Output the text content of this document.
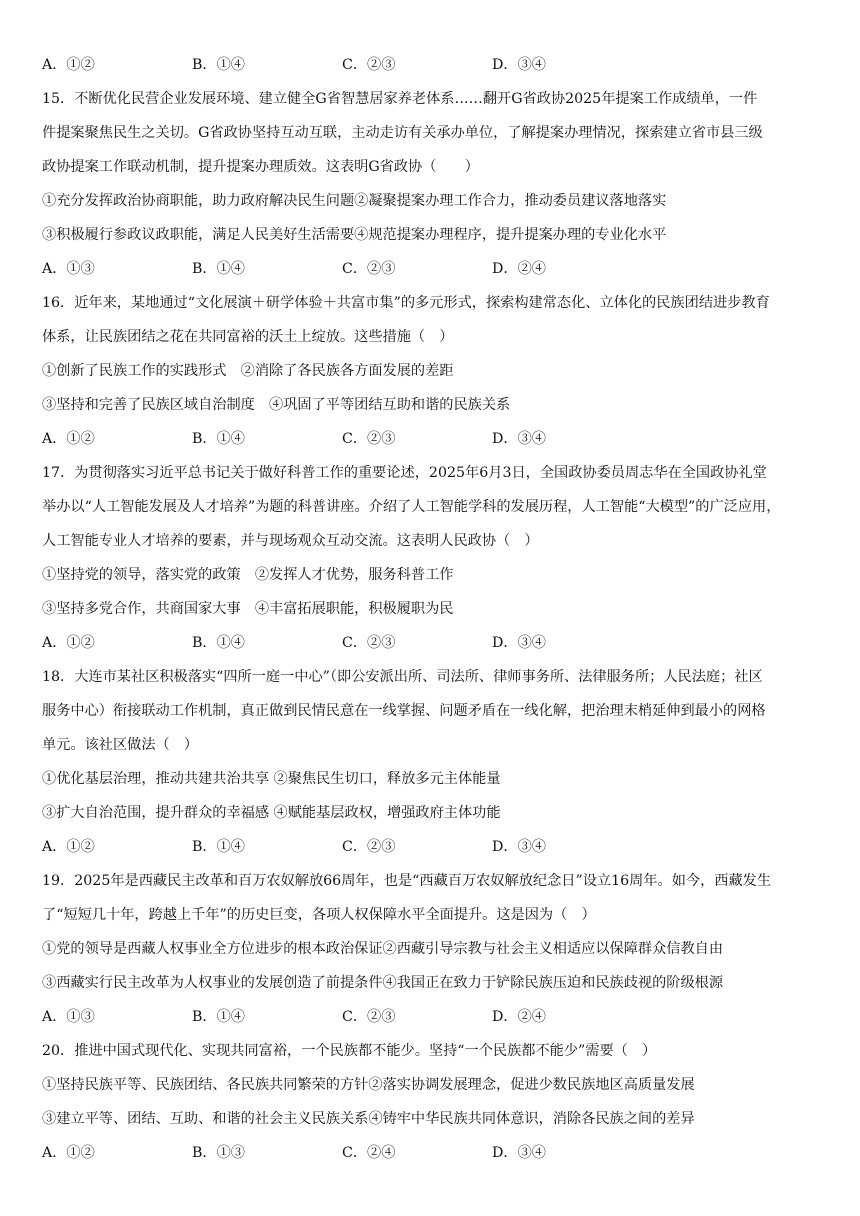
A．①②	B．①④	C．②③	D．③④
15．不断优化民营企业发展环境、建立健全G省智慧居家养老体系……翻开G省政协2025年提案工作成绩单，一件
件提案聚焦民生之关切。G省政协坚持互动互联，主动走访有关承办单位，了解提案办理情况，探索建立省市县三级
政协提案工作联动机制，提升提案办理质效。这表明G省政协（　　）
①充分发挥政治协商职能，助力政府解决民生问题②凝聚提案办理工作合力，推动委员建议落地落实
③积极履行参政议政职能，满足人民美好生活需要④规范提案办理程序，提升提案办理的专业化水平
A．①③	B．①④	C．②③	D．②④
16．近年来，某地通过“文化展演＋研学体验＋共富市集”的多元形式，探索构建常态化、立体化的民族团结进步教育
体系，让民族团结之花在共同富裕的沃土上绽放。这些措施（　）
①创新了民族工作的实践形式　②消除了各民族各方面发展的差距
③坚持和完善了民族区域自治制度　④巩固了平等团结互助和谐的民族关系
A．①②	B．①④	C．②③	D．③④
17．为贯彻落实习近平总书记关于做好科普工作的重要论述，2025年6月3日，全国政协委员周志华在全国政协礼堂
举办以“人工智能发展及人才培养”为题的科普讲座。介绍了人工智能学科的发展历程，人工智能“大模型”的广泛应用，
人工智能专业人才培养的要素，并与现场观众互动交流。这表明人民政协（　）
①坚持党的领导，落实党的政策　②发挥人才优势，服务科普工作
③坚持多党合作，共商国家大事　④丰富拓展职能，积极履职为民
A．①②	B．①④	C．②③	D．③④
18．大连市某社区积极落实“四所一庭一中心”（即公安派出所、司法所、律师事务所、法律服务所；人民法庭；社区
服务中心）衔接联动工作机制，真正做到民情民意在一线掌握、问题矛盾在一线化解，把治理末梢延伸到最小的网格
单元。该社区做法（　）
①优化基层治理，推动共建共治共享 ②聚焦民生切口，释放多元主体能量
③扩大自治范围，提升群众的幸福感 ④赋能基层政权，增强政府主体功能
A．①②	B．①④	C．②③	D．③④
19．2025年是西藏民主改革和百万农奴解放66周年，也是“西藏百万农奴解放纪念日”设立16周年。如今，西藏发生
了“短短几十年，跨越上千年”的历史巨变，各项人权保障水平全面提升。这是因为（　）
①党的领导是西藏人权事业全方位进步的根本政治保证②西藏引导宗教与社会主义相适应以保障群众信教自由
③西藏实行民主改革为人权事业的发展创造了前提条件④我国正在致力于铲除民族压迫和民族歧视的阶级根源
A．①③	B．①④	C．②③	D．②④
20．推进中国式现代化、实现共同富裕，一个民族都不能少。坚持“一个民族都不能少”需要（　）
①坚持民族平等、民族团结、各民族共同繁荣的方针②落实协调发展理念，促进少数民族地区高质量发展
③建立平等、团结、互助、和谐的社会主义民族关系④铸牢中华民族共同体意识，消除各民族之间的差异
A．①②	B．①③	C．②④	D．③④
